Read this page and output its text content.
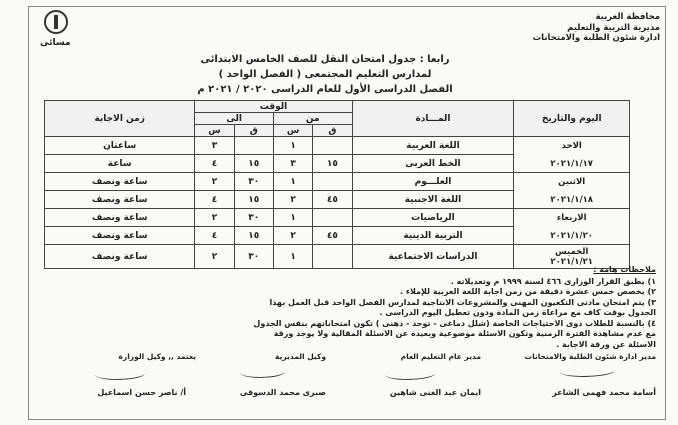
محافظة الغربية
مديرية التربية والتعليم
ادارة شئون الطلبة والامتحانات
مسائى
رابعا : جدول امتحان النقل للصف الخامس الابتدائى
لمدارس التعليم المجتمعى ( الفصل الواحد )
الفصل الدراسى الأول للعام الدراسى ٢٠٢٠ / ٢٠٢١ م
اليوم والتاريخ	المـــادة	الوقت				زمن الاجابة
		من		الى		
		ق	س	ق	س	

الاحد
٢٠٢١/١/١٧	اللغة العربية		١		٣	ساعتان
	الخط العربى	١٥	٣	١٥	٤	ساعة

الاثنين
٢٠٢١/١/١٨	العلـــوم		١	٣٠	٢	ساعة ونصف
	اللغة الاجنبية	٤٥	٢	١٥	٤	ساعة ونصف

الاربعاء
٢٠٢١/١/٢٠	الرياضيات		١	٣٠	٢	ساعة ونصف
	التربية الدينية	٤٥	٢	١٥	٤	ساعة ونصف

الخميس
٢٠٢١/١/٢١	الدراسات الاجتماعية		١	٣٠	٢	ساعة ونصف
ملاحظات هامة :
١) يطبق القرار الوزارى ٤٦٦ لسنة ١٩٩٩ م وتعديلاته .
٢) يخصص خمس عشرة دقيقة من زمن اجابة اللغة العربية للإملاء .
٣) يتم امتحان مادتى التكعيون المهنى والمشروعات الانتاجية لمدارس الفصل الواحد قبل العمل بهذا
الجدول بوقت كاف مع مراعاة زمن المادة ودون تعطيل اليوم الدراسى .
٤) بالنسبة للطلاب ذوى الاحتياجات الخاصة (شلل دماغى - توحد - ذهنى ) تكون امتحاناتهم بنفس الجدول
مع عدم مشاهدة الفترة الزمنية وتكون الاسئلة موضوعية وبعيدة عن الاسئلة المقالية ولا يوجد ورقة
الاسئلة عن ورقة الاجابة .
مدير ادارة شئون الطلبة والامتحانات
مدير عام التعليم العام
وكيل المديرية
يعتمد ,, وكيل الوزارة
أسامة محمد فهمى الشاعر
ايمان عبد الغنى شاهين
صبرى محمد الدسوقى
أ/ ناصر حسن اسماعيل
